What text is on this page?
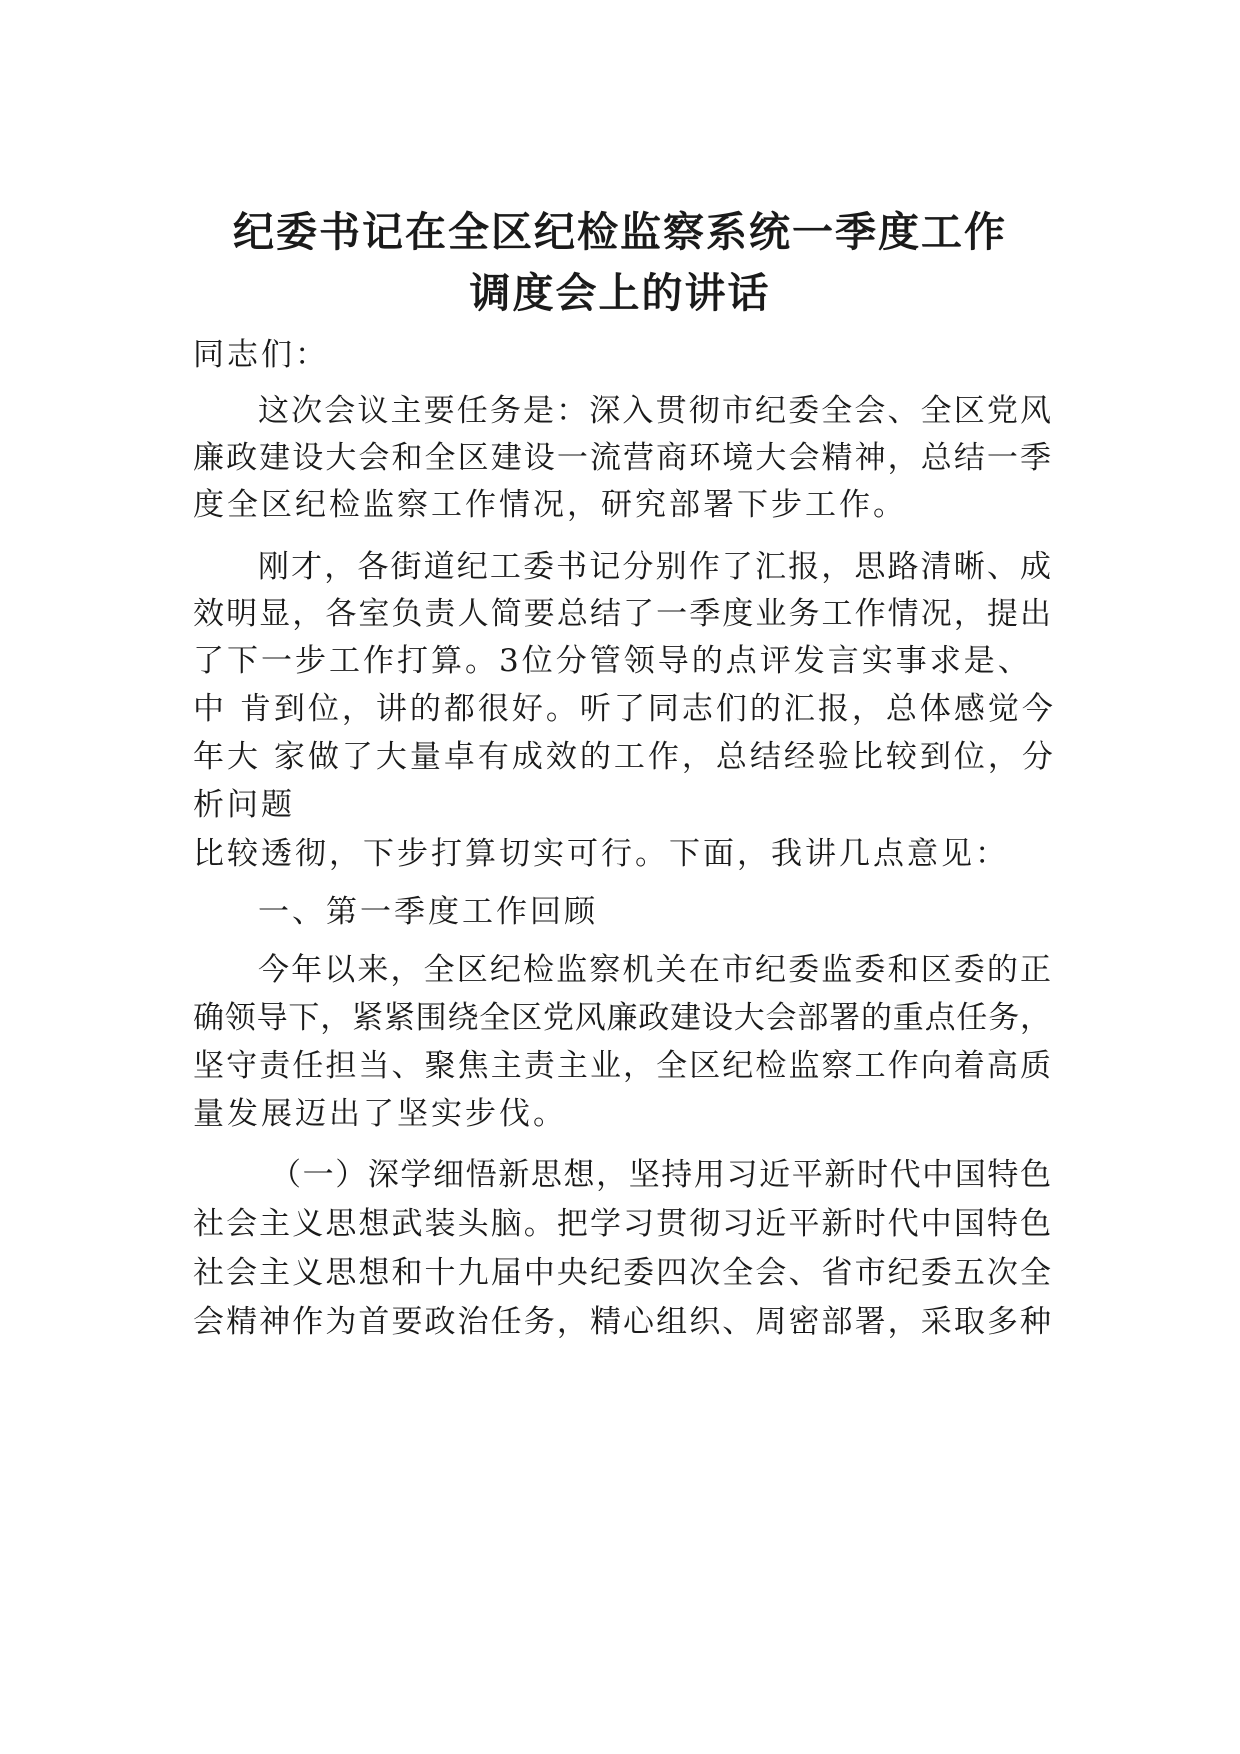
纪委书记在全区纪检监察系统一季度工作
调度会上的讲话
同志们：
这次会议主要任务是：深入贯彻市纪委全会、全区党风
廉政建设大会和全区建设一流营商环境大会精神，总结一季
度全区纪检监察工作情况，研究部署下步工作。
刚才，各街道纪工委书记分别作了汇报，思路清晰、成
效明显，各室负责人简要总结了一季度业务工作情况，提出
了下一步工作打算。3位分管领导的点评发言实事求是、
中 肯到位，讲的都很好。听了同志们的汇报，总体感觉今
年大 家做了大量卓有成效的工作，总结经验比较到位，分
析问题
比较透彻，下步打算切实可行。下面，我讲几点意见：
一、第一季度工作回顾
今年以来，全区纪检监察机关在市纪委监委和区委的正
确领导下，紧紧围绕全区党风廉政建设大会部署的重点任务，
坚守责任担当、聚焦主责主业，全区纪检监察工作向着高质
量发展迈出了坚实步伐。
（一）深学细悟新思想，坚持用习近平新时代中国特色
社会主义思想武装头脑。把学习贯彻习近平新时代中国特色
社会主义思想和十九届中央纪委四次全会、省市纪委五次全
会精神作为首要政治任务，精心组织、周密部署，采取多种
